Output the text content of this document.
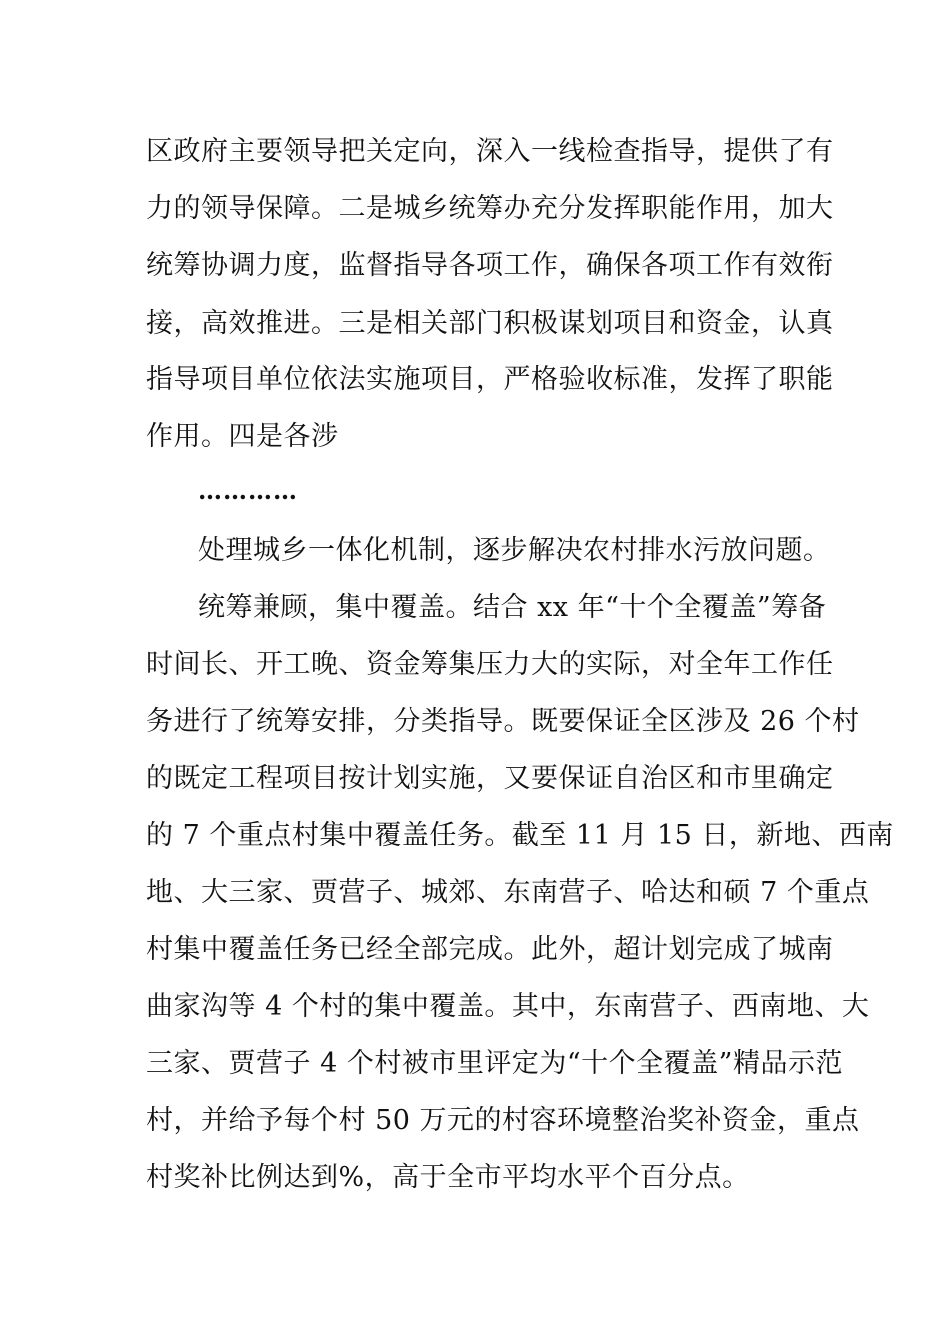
区政府主要领导把关定向，深入一线检查指导，提供了有
力的领导保障。二是城乡统筹办充分发挥职能作用，加大
统筹协调力度，监督指导各项工作，确保各项工作有效衔
接，高效推进。三是相关部门积极谋划项目和资金，认真
指导项目单位依法实施项目，严格验收标准，发挥了职能
作用。四是各涉
…………
处理城乡一体化机制，逐步解决农村排水污放问题。
统筹兼顾，集中覆盖。结合 xx 年“十个全覆盖”筹备
时间长、开工晚、资金筹集压力大的实际，对全年工作任
务进行了统筹安排，分类指导。既要保证全区涉及 26 个村
的既定工程项目按计划实施，又要保证自治区和市里确定
的 7 个重点村集中覆盖任务。截至 11 月 15 日，新地、西南
地、大三家、贾营子、城郊、东南营子、哈达和硕 7 个重点
村集中覆盖任务已经全部完成。此外，超计划完成了城南
曲家沟等 4 个村的集中覆盖。其中，东南营子、西南地、大
三家、贾营子 4 个村被市里评定为“十个全覆盖”精品示范
村，并给予每个村 50 万元的村容环境整治奖补资金，重点
村奖补比例达到%，高于全市平均水平个百分点。
